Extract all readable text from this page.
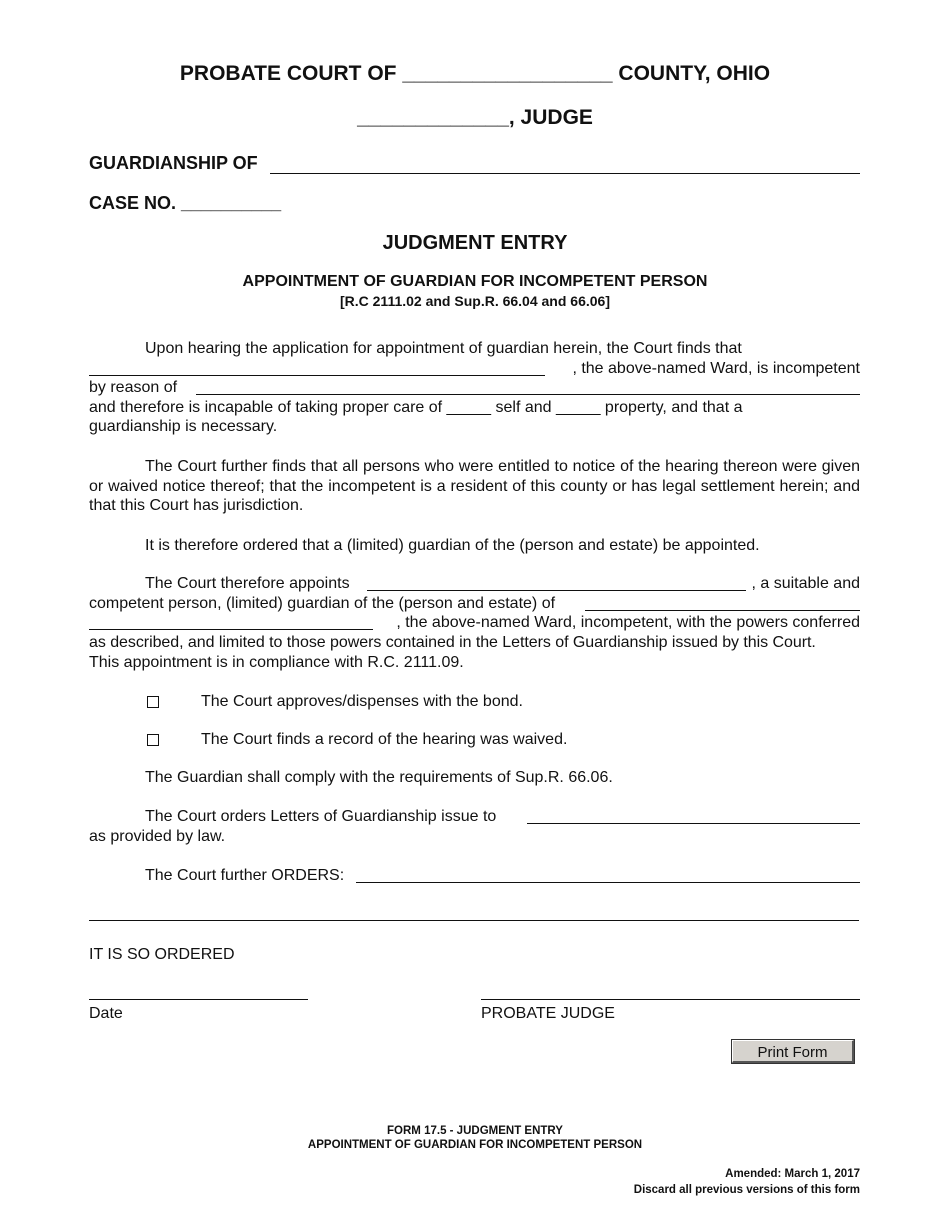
PROBATE COURT OF __________________ COUNTY, OHIO
_____________, JUDGE
GUARDIANSHIP OF
CASE NO. __________
JUDGMENT ENTRY
APPOINTMENT OF GUARDIAN FOR INCOMPETENT PERSON
[R.C 2111.02 and Sup.R. 66.04 and 66.06]
Upon hearing the application for appointment of guardian herein, the Court finds that
, the above-named Ward, is incompetent
by reason of
and therefore is incapable of taking proper care of _____ self and _____ property, and that a
guardianship is necessary.
The Court further finds that all persons who were entitled to notice of the hearing thereon were given or waived notice thereof; that the incompetent is a resident of this county or has legal settlement herein; and that this Court has jurisdiction.
It is therefore ordered that a (limited) guardian of the (person and estate) be appointed.
The Court therefore appoints	, a suitable and
competent person, (limited) guardian of the (person and estate) of
, the above-named Ward, incompetent, with the powers conferred
as described, and limited to those powers contained in the Letters of Guardianship issued by this Court.
This appointment is in compliance with R.C. 2111.09.
The Court approves/dispenses with the bond.
The Court finds a record of the hearing was waived.
The Guardian shall comply with the requirements of Sup.R. 66.06.
The Court orders Letters of Guardianship issue to
as provided by law.
The Court further ORDERS:
IT IS SO ORDERED
Date	PROBATE JUDGE
Print Form
FORM 17.5 - JUDGMENT ENTRY
APPOINTMENT OF GUARDIAN FOR INCOMPETENT PERSON
Amended: March 1, 2017
Discard all previous versions of this form
